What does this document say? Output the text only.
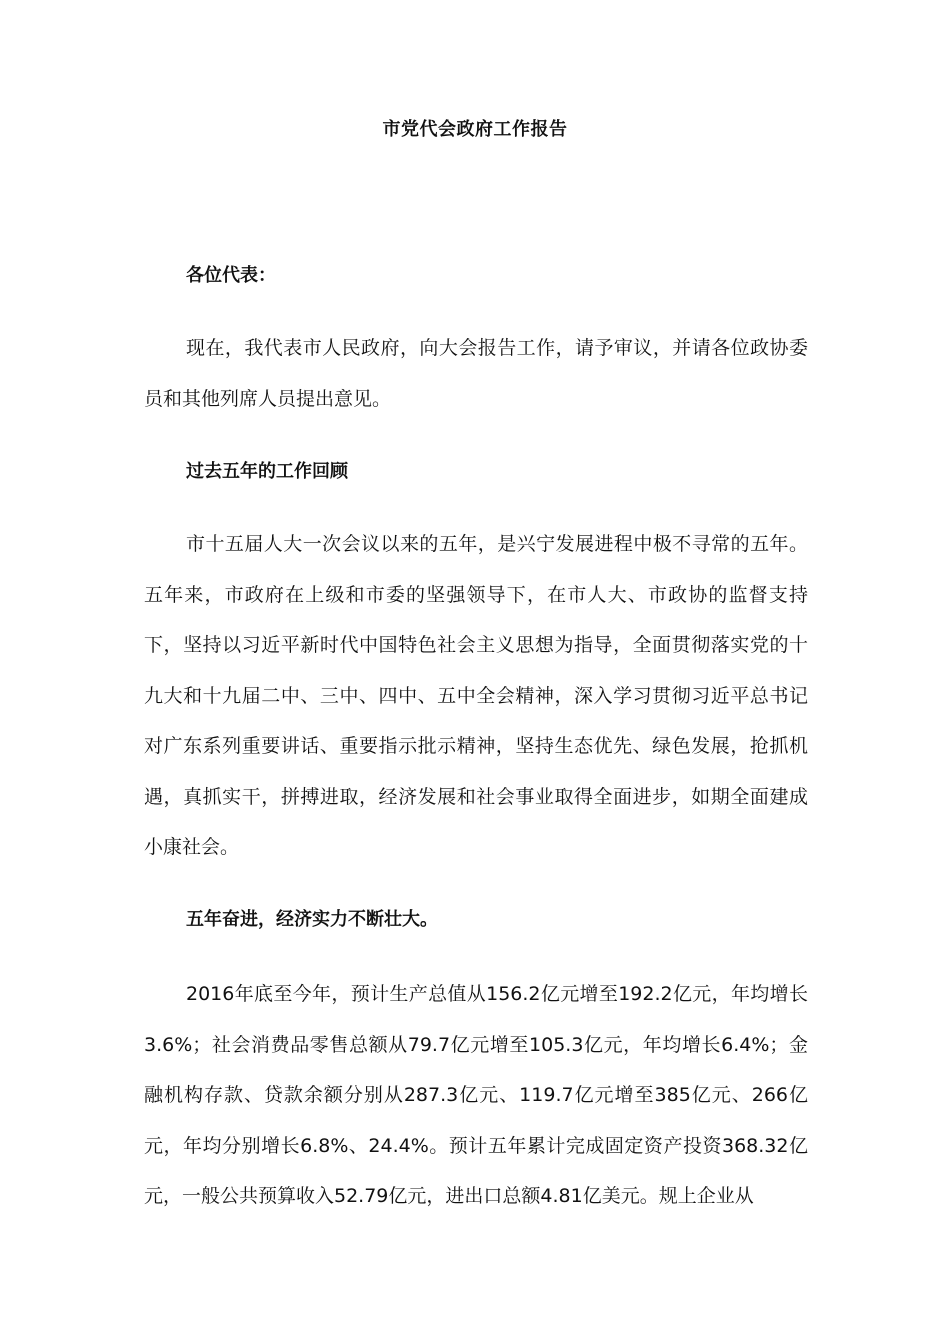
市党代会政府工作报告

各位代表：

现在，我代表市人民政府，向大会报告工作，请予审议，并请各位政协委员和其他列席人员提出意见。

过去五年的工作回顾

市十五届人大一次会议以来的五年，是兴宁发展进程中极不寻常的五年。五年来，市政府在上级和市委的坚强领导下，在市人大、市政协的监督支持下，坚持以习近平新时代中国特色社会主义思想为指导，全面贯彻落实党的十九大和十九届二中、三中、四中、五中全会精神，深入学习贯彻习近平总书记对广东系列重要讲话、重要指示批示精神，坚持生态优先、绿色发展，抢抓机遇，真抓实干，拼搏进取，经济发展和社会事业取得全面进步，如期全面建成小康社会。

五年奋进，经济实力不断壮大。

2016年底至今年，预计生产总值从156.2亿元增至192.2亿元，年均增长3.6%；社会消费品零售总额从79.7亿元增至105.3亿元，年均增长6.4%；金融机构存款、贷款余额分别从287.3亿元、119.7亿元增至385亿元、266亿元，年均分别增长6.8%、24.4%。预计五年累计完成固定资产投资368.32亿元，一般公共预算收入52.79亿元，进出口总额4.81亿美元。规上企业从
